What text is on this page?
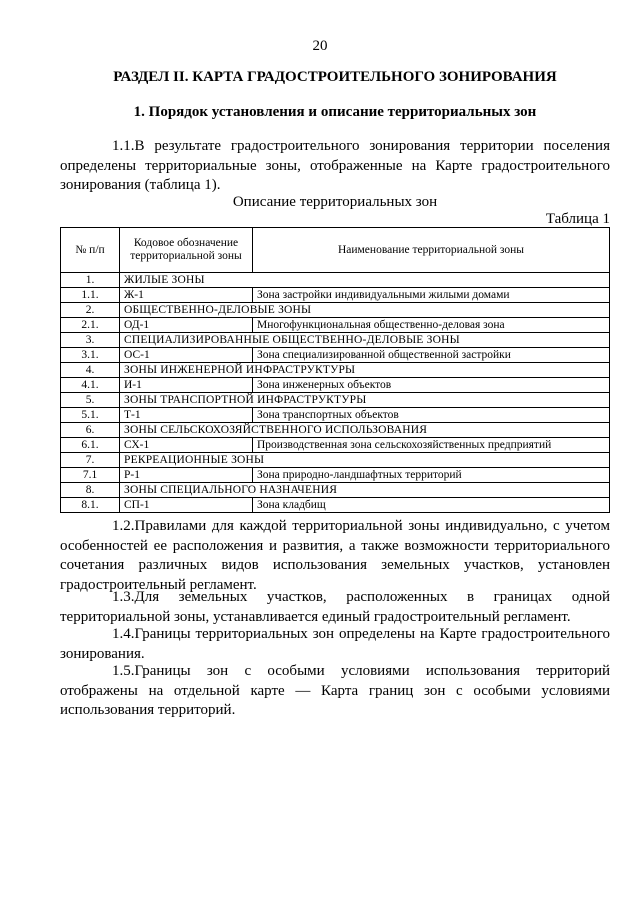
20
РАЗДЕЛ II. КАРТА ГРАДОСТРОИТЕЛЬНОГО ЗОНИРОВАНИЯ
1. Порядок установления и описание территориальных зон

1.1.В результате градостроительного зонирования территории поселения определены территориальные зоны, отображенные на Карте градостроительного зонирования (таблица 1).

Описание территориальных зон
Таблица 1
№ п/п	Кодовое обозначение территориальной зоны	Наименование территориальной зоны
1.	ЖИЛЫЕ ЗОНЫ	
1.1.	Ж-1	Зона застройки индивидуальными жилыми домами
2.	ОБЩЕСТВЕННО-ДЕЛОВЫЕ ЗОНЫ	
2.1.	ОД-1	Многофункциональная общественно-деловая зона
3.	СПЕЦИАЛИЗИРОВАННЫЕ ОБЩЕСТВЕННО-ДЕЛОВЫЕ ЗОНЫ	
3.1.	ОС-1	Зона специализированной общественной застройки
4.	ЗОНЫ ИНЖЕНЕРНОЙ ИНФРАСТРУКТУРЫ	
4.1.	И-1	Зона инженерных объектов
5.	ЗОНЫ ТРАНСПОРТНОЙ ИНФРАСТРУКТУРЫ	
5.1.	Т-1	Зона транспортных объектов
6.	ЗОНЫ СЕЛЬСКОХОЗЯЙСТВЕННОГО ИСПОЛЬЗОВАНИЯ	
6.1.	СХ-1	Производственная зона сельскохозяйственных предприятий
7.	РЕКРЕАЦИОННЫЕ ЗОНЫ	
7.1	Р-1	Зона природно-ландшафтных территорий
8.	ЗОНЫ СПЕЦИАЛЬНОГО НАЗНАЧЕНИЯ	
8.1.	СП-1	Зона кладбищ

1.2.Правилами для каждой территориальной зоны индивидуально, с учетом особенностей ее расположения и развития, а также возможности территориального сочетания различных видов использования земельных участков, установлен градостроительный регламент.

1.3.Для земельных участков, расположенных в границах одной территориальной зоны, устанавливается единый градостроительный регламент.

1.4.Границы территориальных зон определены на Карте градостроительного зонирования.

1.5.Границы зон с особыми условиями использования территорий отображены на отдельной карте — Карта границ зон с особыми условиями использования территорий.
